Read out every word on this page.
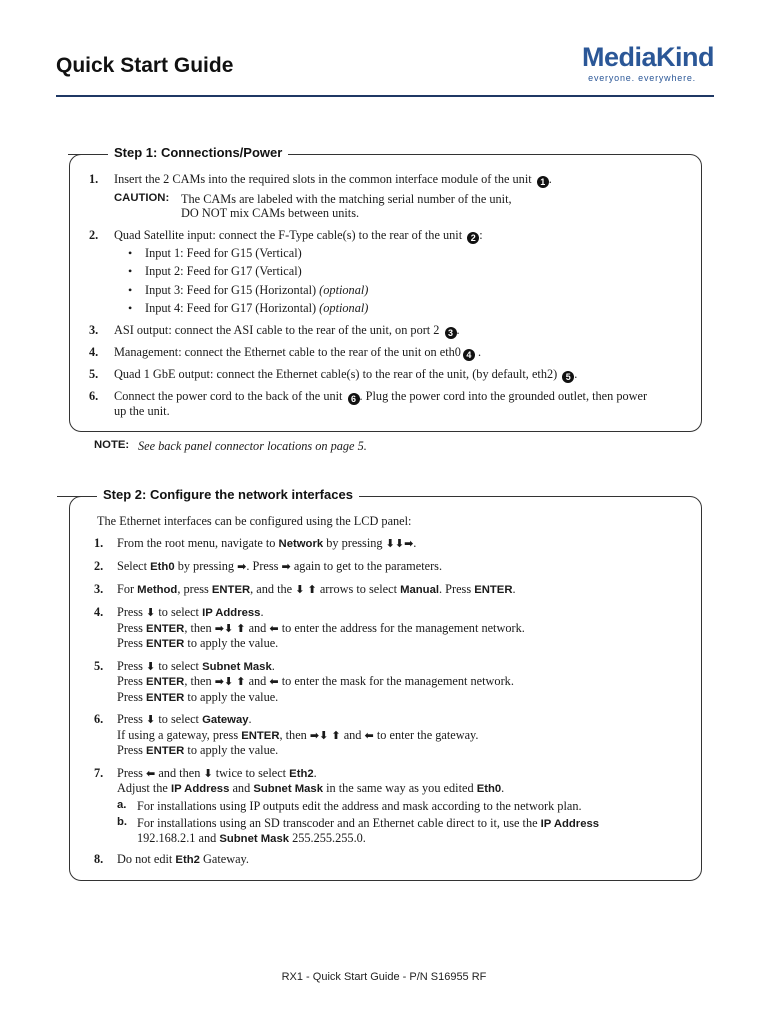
Quick Start Guide	MediaKind
everyone. everywhere.
Step 1: Connections/Power
1. Insert the 2 CAMs into the required slots in the common interface module of the unit 1 .
CAUTION: The CAMs are labeled with the matching serial number of the unit,
DO NOT mix CAMs between units.
2. Quad Satellite input: connect the F-Type cable(s) to the rear of the unit 2 :
• Input 1: Feed for G15 (Vertical)
• Input 2: Feed for G17 (Vertical)
• Input 3: Feed for G15 (Horizontal) (optional)
• Input 4: Feed for G17 (Horizontal) (optional)
3. ASI output: connect the ASI cable to the rear of the unit, on port 2 3 .
4. Management: connect the Ethernet cable to the rear of the unit on eth0 4 .
5. Quad 1 GbE output: connect the Ethernet cable(s) to the rear of the unit, (by default, eth2) 5 .
6. Connect the power cord to the back of the unit 6 . Plug the power cord into the grounded outlet, then power
up the unit.
NOTE: See back panel connector locations on page 5.
Step 2: Configure the network interfaces
The Ethernet interfaces can be configured using the LCD panel:
1. From the root menu, navigate to Network by pressing ⬇⬇➡.
2. Select Eth0 by pressing ➡. Press ➡ again to get to the parameters.
3. For Method, press ENTER, and the ⬇ ⬆ arrows to select Manual. Press ENTER.
4. Press ⬇ to select IP Address.
Press ENTER, then ➡⬇ ⬆ and ⬅ to enter the address for the management network.
Press ENTER to apply the value.
5. Press ⬇ to select Subnet Mask.
Press ENTER, then ➡⬇ ⬆ and ⬅ to enter the mask for the management network.
Press ENTER to apply the value.
6. Press ⬇ to select Gateway.
If using a gateway, press ENTER, then ➡⬇ ⬆ and ⬅ to enter the gateway.
Press ENTER to apply the value.
7. Press ⬅ and then ⬇ twice to select Eth2.
Adjust the IP Address and Subnet Mask in the same way as you edited Eth0.
a. For installations using IP outputs edit the address and mask according to the network plan.
b. For installations using an SD transcoder and an Ethernet cable direct to it, use the IP Address
192.168.2.1 and Subnet Mask 255.255.255.0.
8. Do not edit Eth2 Gateway.
RX1 - Quick Start Guide - P/N S16955 RF
